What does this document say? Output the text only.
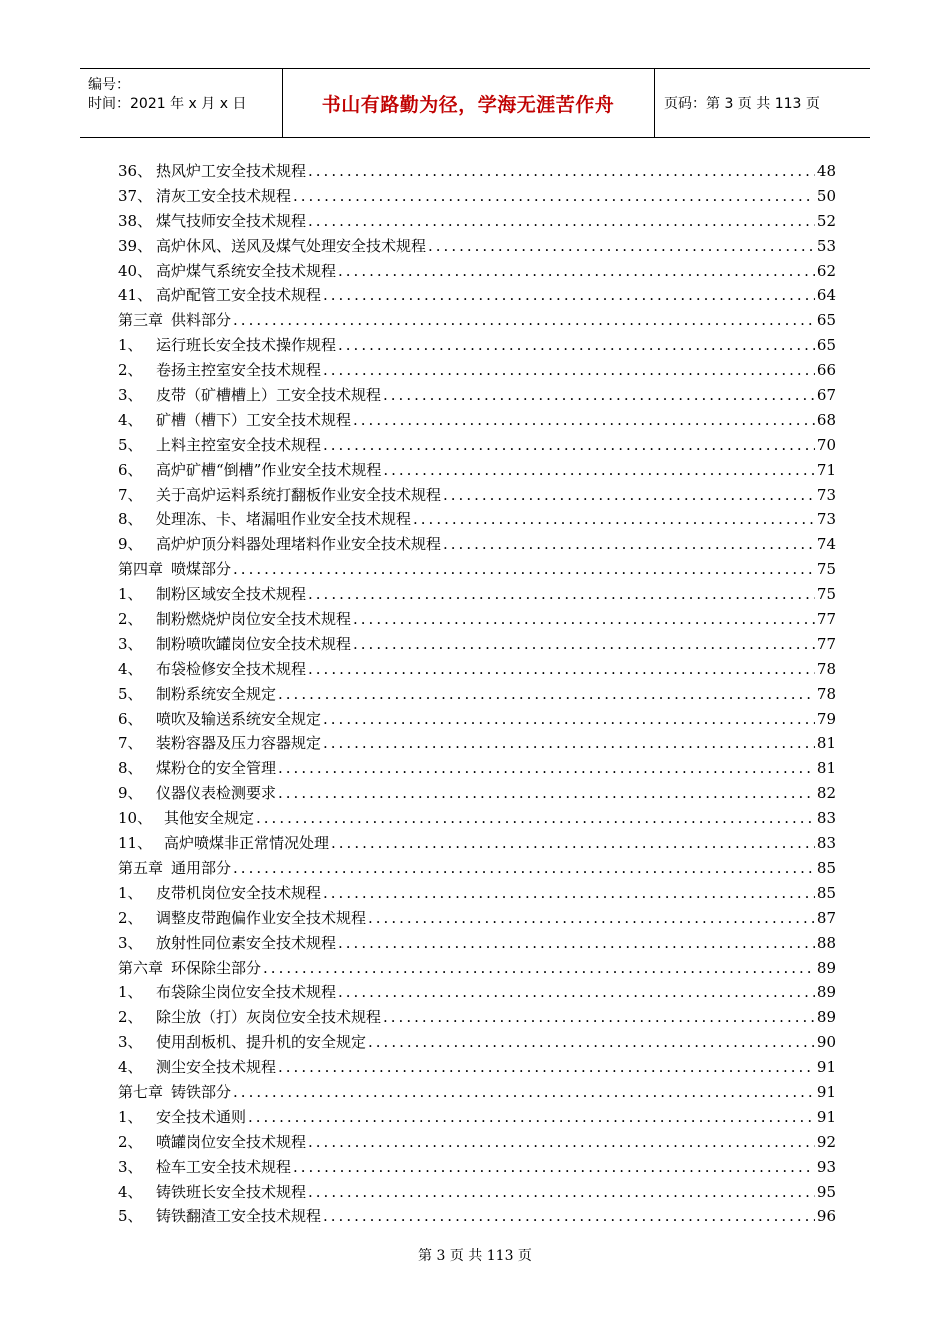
编号：
时间：2021 年 x 月 x 日	书山有路勤为径，学海无涯苦作舟	页码：第 3 页 共 113 页
36、 热风炉工安全技术规程 .....	48
37、 清灰工安全技术规程 .....	50
38、 煤气技师安全技术规程 .....	52
39、 高炉休风、送风及煤气处理安全技术规程 .....	53
40、 高炉煤气系统安全技术规程 .....	62
41、 高炉配管工安全技术规程 .....	64
第三章 供料部分 .....	65
1、 运行班长安全技术操作规程 .....	65
2、 卷扬主控室安全技术规程 .....	66
3、 皮带（矿槽槽上）工安全技术规程 .....	67
4、 矿槽（槽下）工安全技术规程 .....	68
5、 上料主控室安全技术规程 .....	70
6、 高炉矿槽“倒槽”作业安全技术规程 .....	71
7、 关于高炉运料系统打翻板作业安全技术规程 .....	73
8、 处理冻、卡、堵漏咀作业安全技术规程 .....	73
9、 高炉炉顶分料器处理堵料作业安全技术规程 .....	74
第四章 喷煤部分 .....	75
1、 制粉区域安全技术规程 .....	75
2、 制粉燃烧炉岗位安全技术规程 .....	77
3、 制粉喷吹罐岗位安全技术规程 .....	77
4、 布袋检修安全技术规程 .....	78
5、 制粉系统安全规定 .....	78
6、 喷吹及输送系统安全规定 .....	79
7、 装粉容器及压力容器规定 .....	81
8、 煤粉仓的安全管理 .....	81
9、 仪器仪表检测要求 .....	82
10、 其他安全规定 .....	83
11、 高炉喷煤非正常情况处理 .....	83
第五章 通用部分 .....	85
1、 皮带机岗位安全技术规程 .....	85
2、 调整皮带跑偏作业安全技术规程 .....	87
3、 放射性同位素安全技术规程 .....	88
第六章 环保除尘部分 .....	89
1、 布袋除尘岗位安全技术规程 .....	89
2、 除尘放（打）灰岗位安全技术规程 .....	89
3、 使用刮板机、提升机的安全规定 .....	90
4、 测尘安全技术规程 .....	91
第七章 铸铁部分 .....	91
1、 安全技术通则 .....	91
2、 喷罐岗位安全技术规程 .....	92
3、 检车工安全技术规程 .....	93
4、 铸铁班长安全技术规程 .....	95
5、 铸铁翻渣工安全技术规程 .....	96
第 3 页 共 113 页
